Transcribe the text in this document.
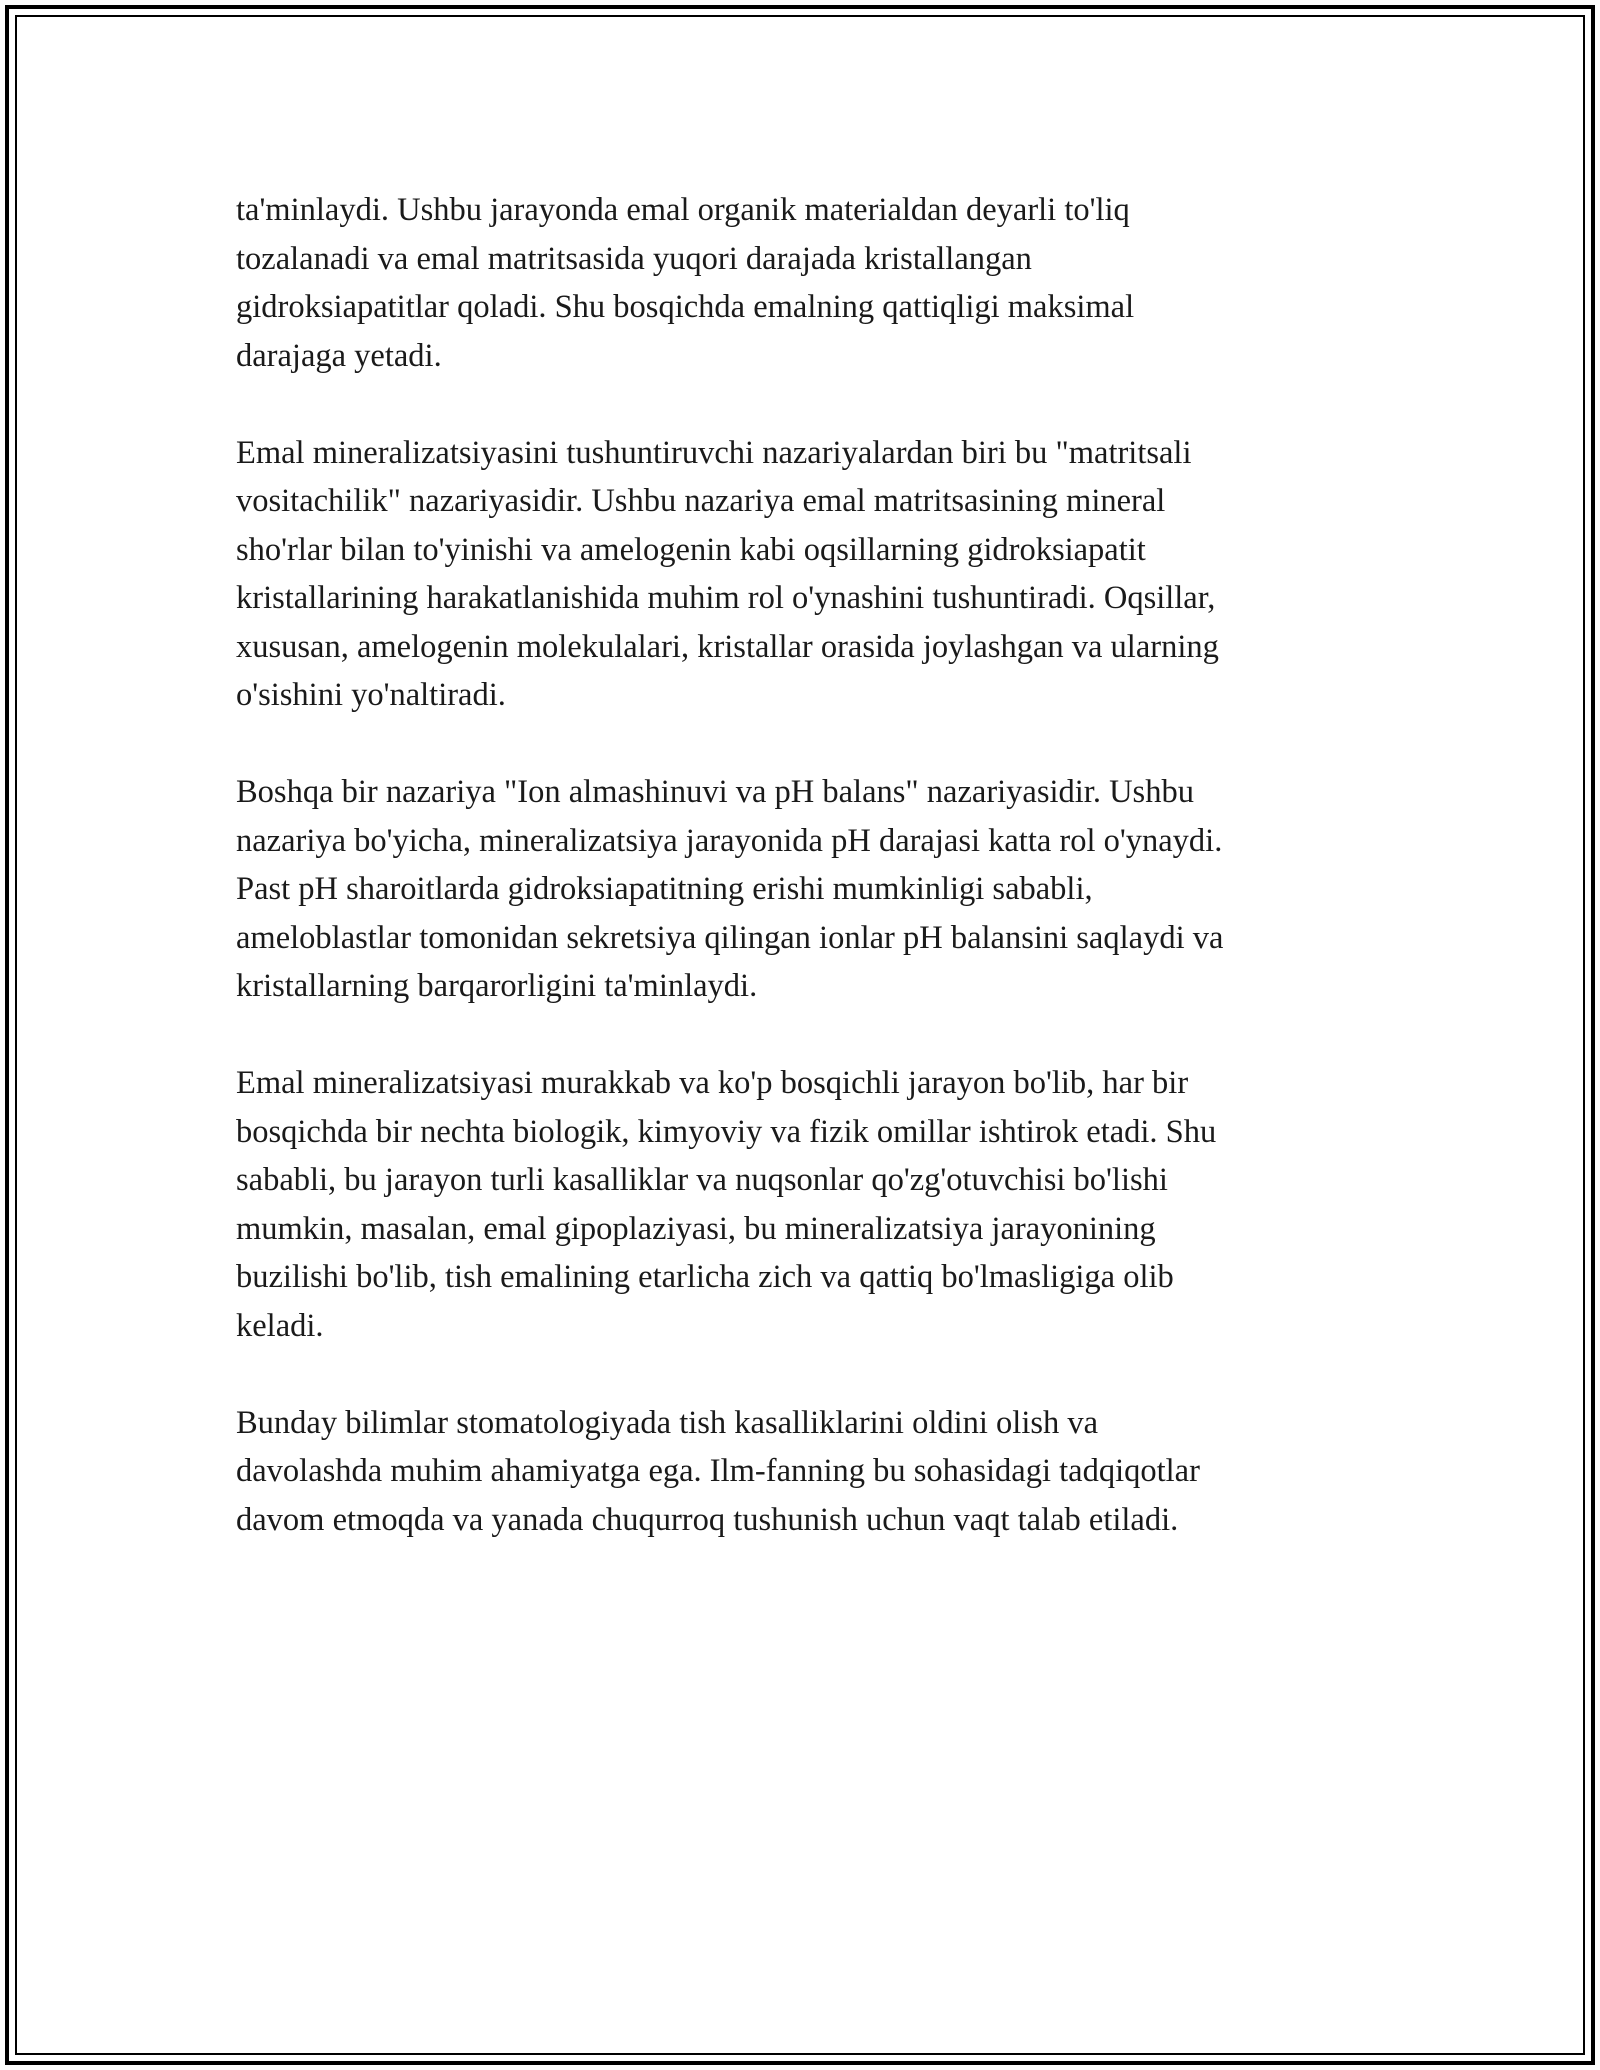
ta'minlaydi. Ushbu jarayonda emal organik materialdan deyarli to'liq
tozalanadi va emal matritsasida yuqori darajada kristallangan
gidroksiapatitlar qoladi. Shu bosqichda emalning qattiqligi maksimal
darajaga yetadi.

Emal mineralizatsiyasini tushuntiruvchi nazariyalardan biri bu "matritsali
vositachilik" nazariyasidir. Ushbu nazariya emal matritsasining mineral
sho'rlar bilan to'yinishi va amelogenin kabi oqsillarning gidroksiapatit
kristallarining harakatlanishida muhim rol o'ynashini tushuntiradi. Oqsillar,
xususan, amelogenin molekulalari, kristallar orasida joylashgan va ularning
o'sishini yo'naltiradi.

Boshqa bir nazariya "Ion almashinuvi va pH balans" nazariyasidir. Ushbu
nazariya bo'yicha, mineralizatsiya jarayonida pH darajasi katta rol o'ynaydi.
Past pH sharoitlarda gidroksiapatitning erishi mumkinligi sababli,
ameloblastlar tomonidan sekretsiya qilingan ionlar pH balansini saqlaydi va
kristallarning barqarorligini ta'minlaydi.

Emal mineralizatsiyasi murakkab va ko'p bosqichli jarayon bo'lib, har bir
bosqichda bir nechta biologik, kimyoviy va fizik omillar ishtirok etadi. Shu
sababli, bu jarayon turli kasalliklar va nuqsonlar qo'zg'otuvchisi bo'lishi
mumkin, masalan, emal gipoplaziyasi, bu mineralizatsiya jarayonining
buzilishi bo'lib, tish emalining etarlicha zich va qattiq bo'lmasligiga olib
keladi.

Bunday bilimlar stomatologiyada tish kasalliklarini oldini olish va
davolashda muhim ahamiyatga ega. Ilm-fanning bu sohasidagi tadqiqotlar
davom etmoqda va yanada chuqurroq tushunish uchun vaqt talab etiladi.
